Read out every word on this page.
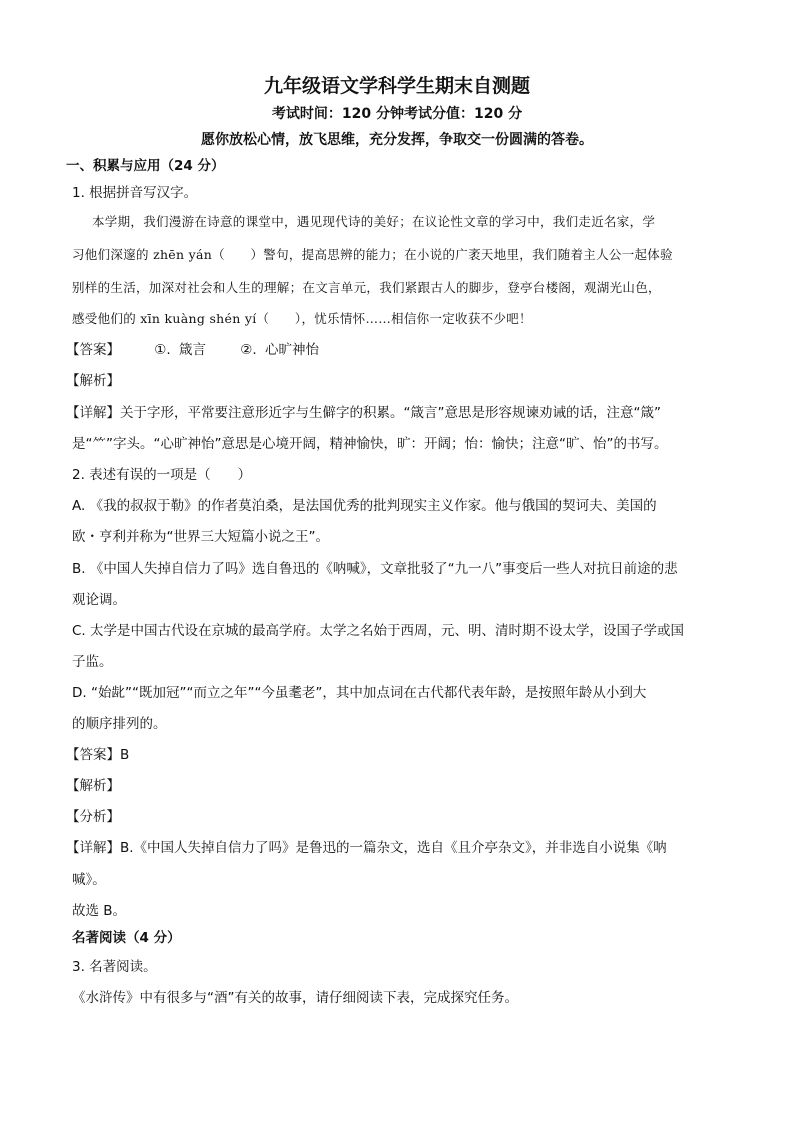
九年级语文学科学生期末自测题
考试时间：120 分钟考试分值：120 分
愿你放松心情，放飞思维，充分发挥，争取交一份圆满的答卷。
一、积累与应用（24 分）
1. 根据拼音写汉字。
本学期，我们漫游在诗意的课堂中，遇见现代诗的美好；在议论性文章的学习中，我们走近名家，学
习他们深邃的 zhēn yán（　　）警句，提高思辨的能力；在小说的广袤天地里，我们随着主人公一起体验
别样的生活，加深对社会和人生的理解；在文言单元，我们紧跟古人的脚步，登亭台楼阁，观湖光山色，
感受他们的 xīn kuàng shén yí（　　），忧乐情怀……相信你一定收获不少吧！
【答案】	①. 箴言	②. 心旷神怡
【解析】
【详解】关于字形，平常要注意形近字与生僻字的积累。“箴言”意思是形容规谏劝诫的话，注意“箴”
是“⺮”字头。“心旷神怡”意思是心境开阔，精神愉快，旷：开阔；怡：愉快；注意“旷、怡”的书写。
2. 表述有误的一项是（　　）
A. 《我的叔叔于勒》的作者莫泊桑，是法国优秀的批判现实主义作家。他与俄国的契诃夫、美国的
欧・亨利并称为“世界三大短篇小说之王”。
B. 《中国人失掉自信力了吗》选自鲁迅的《呐喊》，文章批驳了“九一八”事变后一些人对抗日前途的悲
观论调。
C. 太学是中国古代设在京城的最高学府。太学之名始于西周，元、明、清时期不设太学，设国子学或国
子监。
D. “始龀”“既加冠”“而立之年”“今虽耄老”，其中加点词在古代都代表年龄，是按照年龄从小到大
的顺序排列的。
【答案】B
【解析】
【分析】
【详解】B.《中国人失掉自信力了吗》是鲁迅的一篇杂文，选自《且介亭杂文》，并非选自小说集《呐
喊》。
故选 B。
名著阅读（4 分）
3. 名著阅读。
《水浒传》中有很多与“酒”有关的故事，请仔细阅读下表，完成探究任务。
